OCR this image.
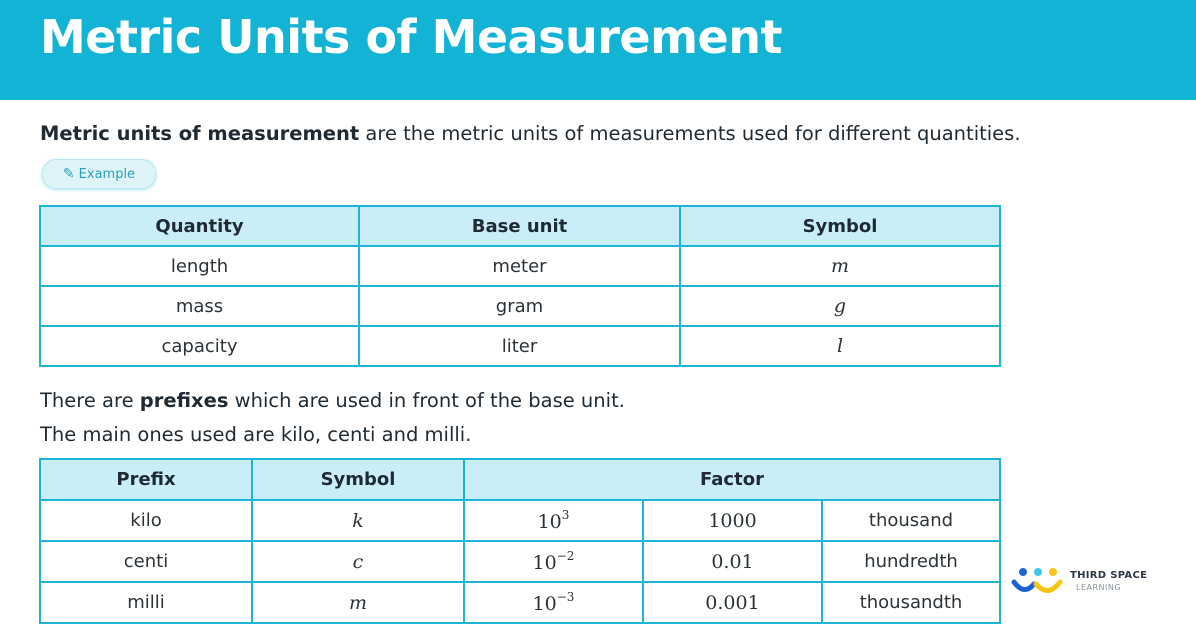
Metric Units of Measurement
Metric units of measurement are the metric units of measurements used for different quantities.
✎ Example
Quantity	Base unit	Symbol
length	meter	m
mass	gram	g
capacity	liter	l
There are prefixes which are used in front of the base unit.
The main ones used are kilo, centi and milli.
Prefix	Symbol	Factor		
kilo	k	$10^3$	1000	thousand
centi	c	$10^{-2}$	0.01	hundredth
milli	m	$10^{-3}$	0.001	thousandth
THIRD SPACE
LEARNING
